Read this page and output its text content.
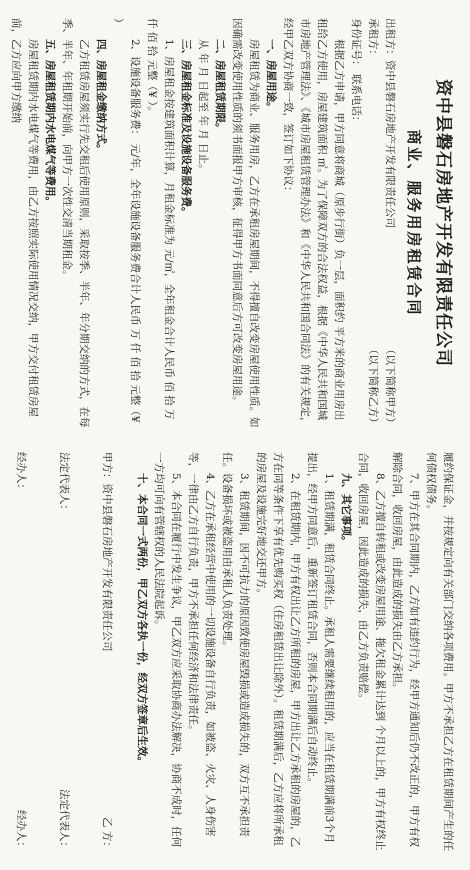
资中县磐石房地产开发有限责任公司
商业、服务用房租赁合同
出租方：资中县磐石房地产开发有限责任公司
（以下简称甲方）
承租方：
（以下简称乙方）

身份证号： 联系电话：

根据乙方申请，甲方同意将商城（原步行街）负一层，面积约 平方米的商业用房出租给乙方使用，房屋建筑面积 ㎡。为了保障双方的合法权益，根据《中华人民共和国城市房地产管理法》、《城市房屋租赁管理办法》和《中华人民共和国合同法》的有关规定，经甲乙双方协商一致，签订如下协议：

一、房屋用途。

房屋租赁为商业、服务用房，乙方在承租房屋期间，不得擅自改变房屋使用性质。如因确需改变使用性质的须书面报甲方审核，征得甲方书面同意后方可改变房屋用途。

二、房屋租赁期限。

从 年 月 日起至 年 月 日止。

三、房屋租金标准及设施设备服务费。

1、房屋租金按建筑面积计算，月租金标准为 元/㎡，全年租金合计人民币 佰 拾 万 仟 佰 拾 元整（¥ ）。

2、设施设备服务费： 元/年，全年设施设备服务费合计人民币 万 仟 佰 拾 元整（¥ ）

四、房屋租金缴纳方式。

乙方租赁房屋须实行先交租后使用原则，采取按季、半年、年分期交纳的方式，在每季、半年、年租期开始前，向甲方一次性交清当期租金。

五、房屋租赁期内水电煤气等费用。

房屋租赁期内水电煤气等费用，由乙方按照实际使用情况交纳，甲方交付租赁房屋前，乙方应向甲方缴纳

履约保证金，并按规定向有关部门交纳各项费用。甲方不承担乙方在租赁期间产生的任何债权债务。

7、甲方在其合同期内，乙方如有违约行为，经甲方通知后仍不改正的，甲方有权解除合同，收回房屋，由此造成的损失由乙方承担。

8、乙方擅自转租或改变房屋用途、拖欠租金累计达到 个月以上的，甲方有权终止合同，收回房屋，因此造成的损失，由乙方负责赔偿。

九、其它事项。

1、租赁期满，租赁合同终止。承租人需要继续租用的，应当在租赁期满前3个月提出，经甲方同意后，重新签订租赁合同，否则本合同期满后自动终止。

2、在租赁期内，甲方有权出让乙方所租的房屋，甲方出让乙方承租的房屋的，乙方在同等条件下享有优先购买权（住房租赁出让除外）。租赁期满后，乙方应将所承租的房屋及设施完好地交还甲方。

3、租赁期间，因不可抗力的原因致使房屋毁损或造成损失的，双方互不承担责任。设备损坏或被盗用由承租人负责处理。

4、乙方在承租经营中使用的一切设施设备自行负责，如被盗、火灾、人身伤害等，一律由乙方自行负责，甲方不承担任何经济和法律责任。

5、本合同在履行中发生争议，甲乙双方应采取协商办法解决，协商不成时，任何一方均可向有管辖权的人民法院起诉。

十、本合同一式两份，甲乙双方各执一份，经双方签章后生效。

甲方：资中县磐石房地产开发有限责任公司
乙 方：
法定代表人：
法定代表人：
经办人：
经办人：
